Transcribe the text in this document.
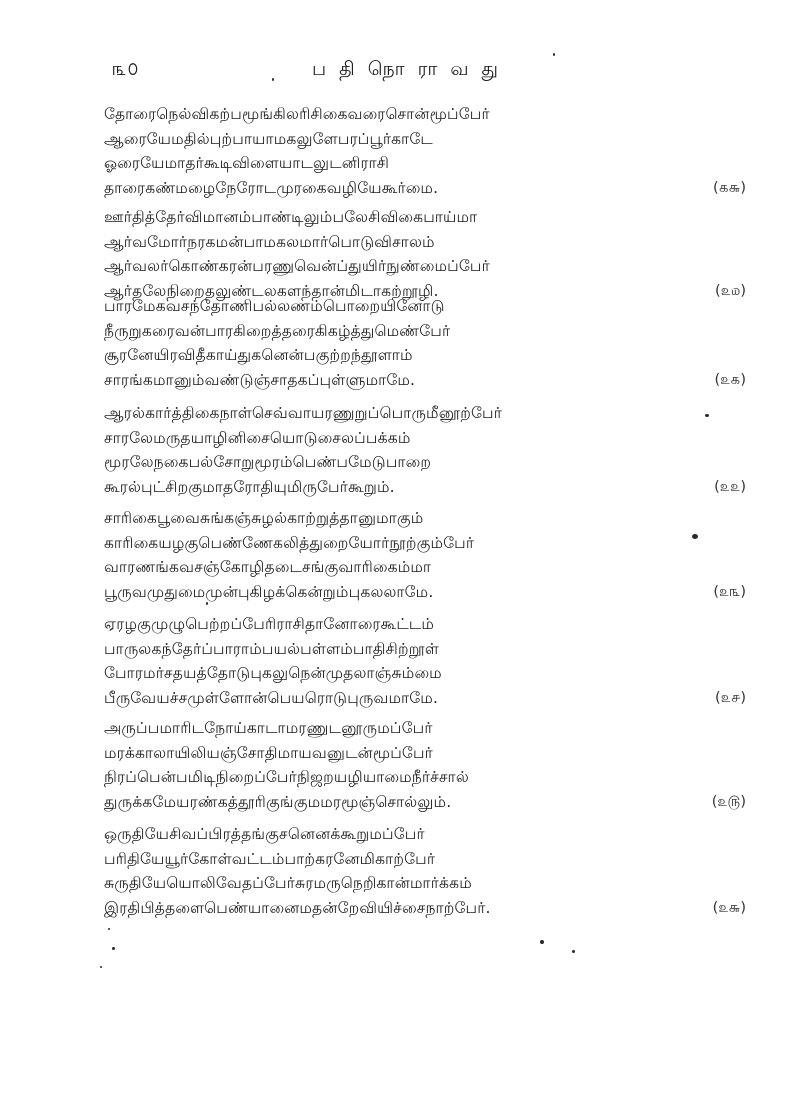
௩௦	பதிநொராவது
தோரைநெல்விகற்பமூங்கிலரிசிகைவரைசொன்மூப்பேர்
ஆரையேமதில்புற்பாயாமகலுளேபரப்பூர்காடே
ஓரையேமாதர்கூடிவிளையாடலுடனிராசி
தாரைகண்மழைநேரோடமுரகைவழியேகூர்மை.	(௧௬)
ஊர்தித்தேர்விமானம்பாண்டிலும்பலேசிவிகைபாய்மா
ஆர்வமோர்நரகமன்பாமகலமார்பொடுவிசாலம்
ஆர்வலர்கொண்கரன்பரணுவென்ப்துயிர்நுண்மைப்பேர்
ஆர்தலேநிறைதலுண்டலகளந்தான்மிடாகற்றூழி.	(௨௰)
பாரமேகவசந்தோணிபல்லணம்பொறையினோடு
நீருறுகரைவன்பாரகிறைத்தரைகிகழ்த்துமெண்பேர்
சூரனேயிரவிதீகாய்துகனென்பகுற்றந்தூளாம்
சாரங்கமானும்வண்டுஞ்சாதகப்புள்ளுமாமே.	(௨௧)
ஆரல்கார்த்திகைநாள்செவ்வாயரணுறுப்பொருமீனூற்பேர்
சாரலேமருதயாழினிசையொடுசைலப்பக்கம்
மூரலேநகைபல்சோறுமூரம்பெண்பமேடுபாறை
கூரல்புட்சிறகுமாதரோதியுமிருபேர்கூறும்.	(௨௨)
சாரிகைபூவைசுங்கஞ்சுழல்காற்றுத்தானுமாகும்
காரிகையழகுபெண்ணேகலித்துறையோர்நூற்கும்பேர்
வாரணங்கவசஞ்கோழிதடைசங்குவாரிகைம்மா
பூருவமுதுமைமுன்புகிழக்கென்றும்புகலலாமே.	(௨௩)
ஏரழகுமுழுபெற்றப்பேரிராசிதானோரைகூட்டம்
பாருலகந்தேர்ப்பாராம்பயல்பள்ளம்பாதிசிற்றூள்
போரமர்சதயத்தோடுபுகலுநென்முதலாஞ்சும்மை
பீருவேயச்சமுள்ளோன்பெயரொடுபுருவமாமே.	(௨௪)
அருப்பமாரிடநோய்காடாமரணுடனூருமப்பேர்
மரக்காலாயிலியஞ்சோதிமாயவனுடன்மூப்பேர்
நிரப்பென்பமிடிநிறைப்பேர்நிஜறயழியாமைநீர்ச்சால்
துருக்கமேயரண்கத்தூரிகுங்குமமரமூஞ்சொல்லும்.	(௨௫)
ஒருதியேசிவப்பிரத்தங்குசனெனக்கூறுமப்பேர்
பரிதியேயூர்கோள்வட்டம்பாற்கரனேமிகாற்பேர்
சுருதியேயொலிவேதப்பேர்சுரமருநெறிகான்மார்க்கம்
இரதிபித்தளைபெண்யானைமதன்றேவியிச்சைநாற்பேர்.	(௨௬)
